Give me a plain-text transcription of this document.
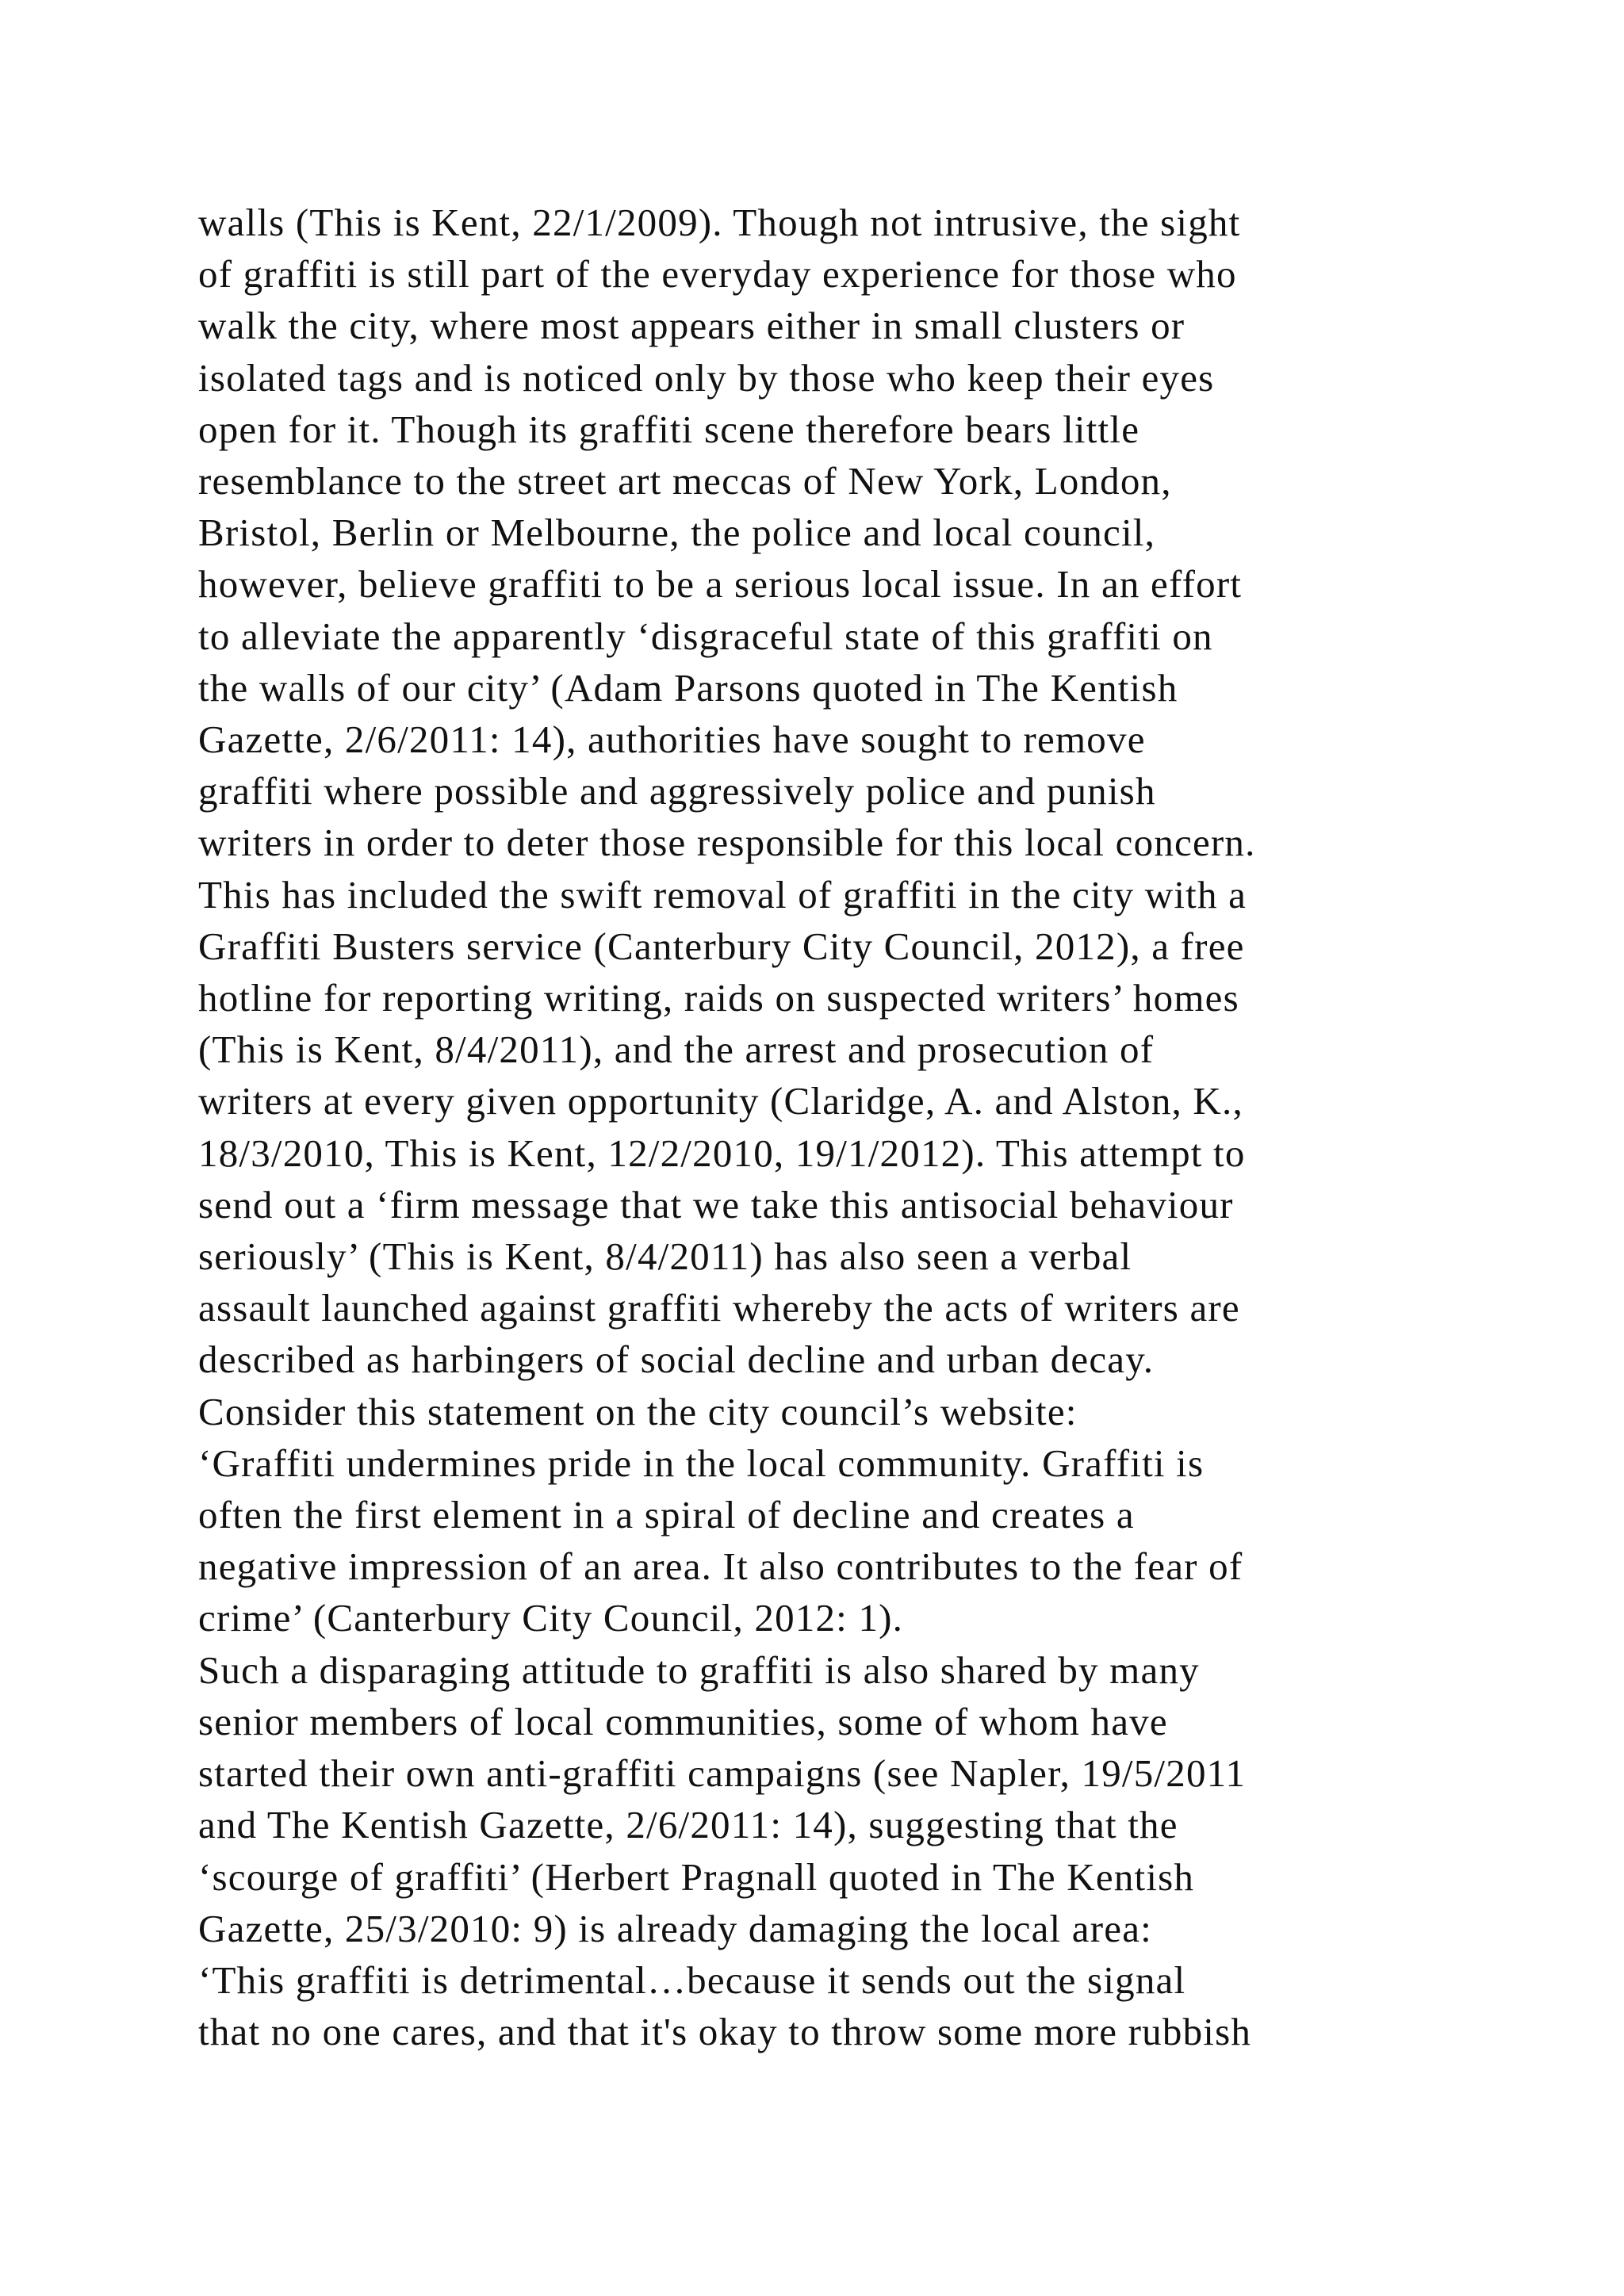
walls (This is Kent, 22/1/2009). Though not intrusive, the sight
of graffiti is still part of the everyday experience for those who
walk the city, where most appears either in small clusters or
isolated tags and is noticed only by those who keep their eyes
open for it. Though its graffiti scene therefore bears little
resemblance to the street art meccas of New York, London,
Bristol, Berlin or Melbourne, the police and local council,
however, believe graffiti to be a serious local issue. In an effort
to alleviate the apparently ‘disgraceful state of this graffiti on
the walls of our city’ (Adam Parsons quoted in The Kentish
Gazette, 2/6/2011: 14), authorities have sought to remove
graffiti where possible and aggressively police and punish
writers in order to deter those responsible for this local concern.
This has included the swift removal of graffiti in the city with a
Graffiti Busters service (Canterbury City Council, 2012), a free
hotline for reporting writing, raids on suspected writers’ homes
(This is Kent, 8/4/2011), and the arrest and prosecution of
writers at every given opportunity (Claridge, A. and Alston, K.,
18/3/2010, This is Kent, 12/2/2010, 19/1/2012). This attempt to
send out a ‘firm message that we take this antisocial behaviour
seriously’ (This is Kent, 8/4/2011) has also seen a verbal
assault launched against graffiti whereby the acts of writers are
described as harbingers of social decline and urban decay.
Consider this statement on the city council’s website:
‘Graffiti undermines pride in the local community. Graffiti is
often the first element in a spiral of decline and creates a
negative impression of an area. It also contributes to the fear of
crime’ (Canterbury City Council, 2012: 1).
Such a disparaging attitude to graffiti is also shared by many
senior members of local communities, some of whom have
started their own anti-graffiti campaigns (see Napler, 19/5/2011
and The Kentish Gazette, 2/6/2011: 14), suggesting that the
‘scourge of graffiti’ (Herbert Pragnall quoted in The Kentish
Gazette, 25/3/2010: 9) is already damaging the local area:
‘This graffiti is detrimental…because it sends out the signal
that no one cares, and that it's okay to throw some more rubbish
